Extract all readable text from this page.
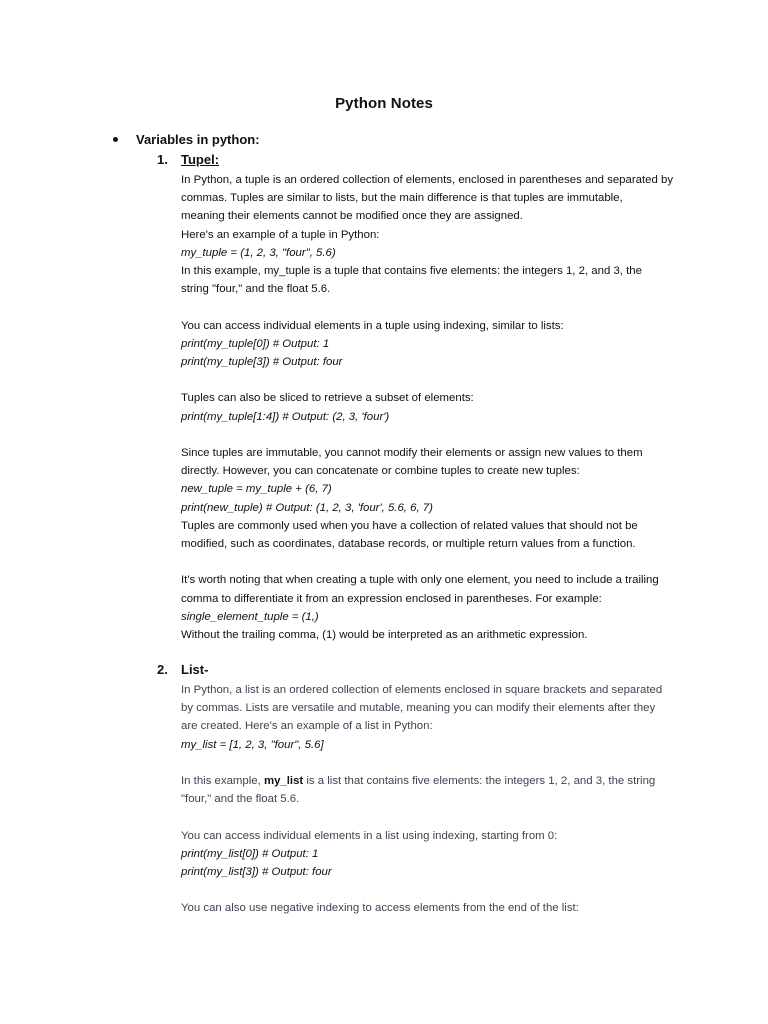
Python Notes
Variables in python:
1. Tupel:

In Python, a tuple is an ordered collection of elements, enclosed in parentheses and separated by

commas. Tuples are similar to lists, but the main difference is that tuples are immutable,

meaning their elements cannot be modified once they are assigned.

Here's an example of a tuple in Python:

my_tuple = (1, 2, 3, "four", 5.6)

In this example, my_tuple is a tuple that contains five elements: the integers 1, 2, and 3, the

string "four," and the float 5.6.

You can access individual elements in a tuple using indexing, similar to lists:

print(my_tuple[0]) # Output: 1

print(my_tuple[3]) # Output: four

Tuples can also be sliced to retrieve a subset of elements:

print(my_tuple[1:4]) # Output: (2, 3, 'four')

Since tuples are immutable, you cannot modify their elements or assign new values to them

directly. However, you can concatenate or combine tuples to create new tuples:

new_tuple = my_tuple + (6, 7)

print(new_tuple) # Output: (1, 2, 3, 'four', 5.6, 6, 7)

Tuples are commonly used when you have a collection of related values that should not be

modified, such as coordinates, database records, or multiple return values from a function.

It's worth noting that when creating a tuple with only one element, you need to include a trailing

comma to differentiate it from an expression enclosed in parentheses. For example:

single_element_tuple = (1,)

Without the trailing comma, (1) would be interpreted as an arithmetic expression.

2. List-

In Python, a list is an ordered collection of elements enclosed in square brackets and separated

by commas. Lists are versatile and mutable, meaning you can modify their elements after they

are created. Here's an example of a list in Python:

my_list = [1, 2, 3, "four", 5.6]

In this example, my_list is a list that contains five elements: the integers 1, 2, and 3, the string

"four," and the float 5.6.

You can access individual elements in a list using indexing, starting from 0:

print(my_list[0]) # Output: 1

print(my_list[3]) # Output: four

You can also use negative indexing to access elements from the end of the list:
